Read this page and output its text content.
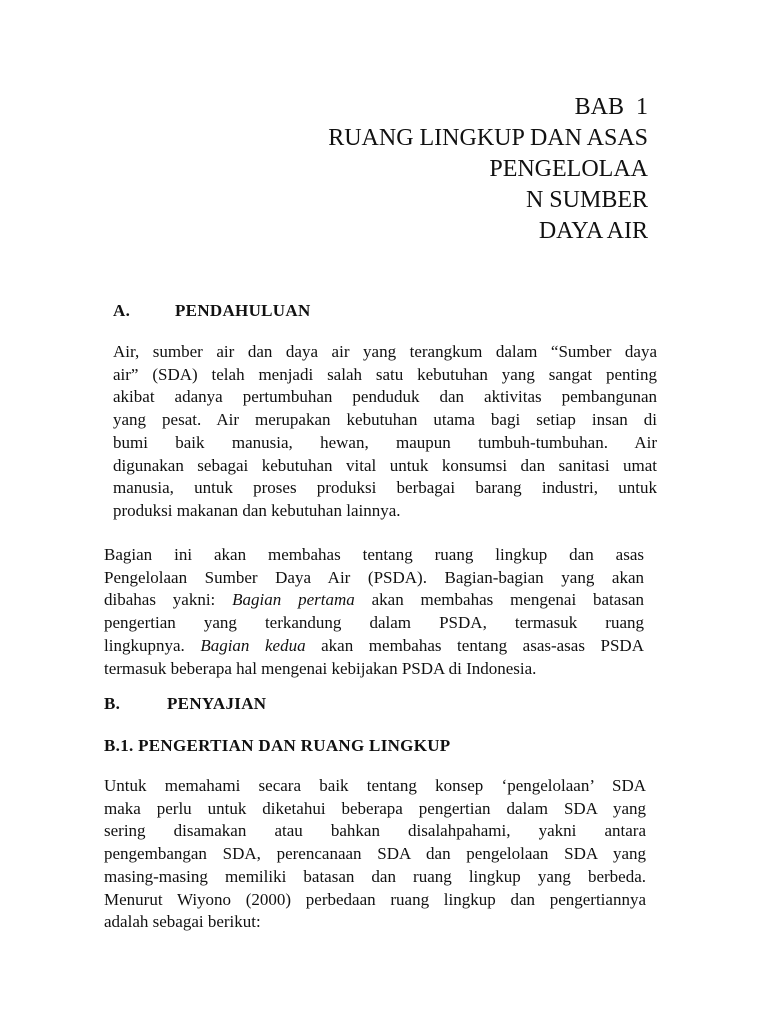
BAB  1
RUANG LINGKUP DAN ASAS
PENGELOLAA
N SUMBER
DAYA AIR
A.	PENDAHULUAN
Air, sumber air dan daya air yang terangkum dalam “Sumber daya
air” (SDA) telah menjadi salah satu kebutuhan yang sangat penting
akibat adanya pertumbuhan penduduk dan aktivitas pembangunan
yang pesat. Air merupakan kebutuhan utama bagi setiap insan di
bumi baik manusia, hewan, maupun tumbuh-tumbuhan. Air
digunakan sebagai kebutuhan vital untuk konsumsi dan sanitasi umat
manusia, untuk proses produksi berbagai barang industri, untuk
produksi makanan dan kebutuhan lainnya.
Bagian ini akan membahas tentang ruang lingkup dan asas
Pengelolaan Sumber Daya Air (PSDA). Bagian-bagian yang akan
dibahas yakni: Bagian pertama akan membahas mengenai batasan
pengertian yang terkandung dalam PSDA, termasuk ruang
lingkupnya. Bagian kedua akan membahas tentang asas-asas PSDA
termasuk beberapa hal mengenai kebijakan PSDA di Indonesia.
B.	PENYAJIAN
B.1. PENGERTIAN DAN RUANG LINGKUP
Untuk memahami secara baik tentang konsep ‘pengelolaan’ SDA
maka perlu untuk diketahui beberapa pengertian dalam SDA yang
sering disamakan atau bahkan disalahpahami, yakni antara
pengembangan SDA, perencanaan SDA dan pengelolaan SDA yang
masing-masing memiliki batasan dan ruang lingkup yang berbeda.
Menurut Wiyono (2000) perbedaan ruang lingkup dan pengertiannya
adalah sebagai berikut:
